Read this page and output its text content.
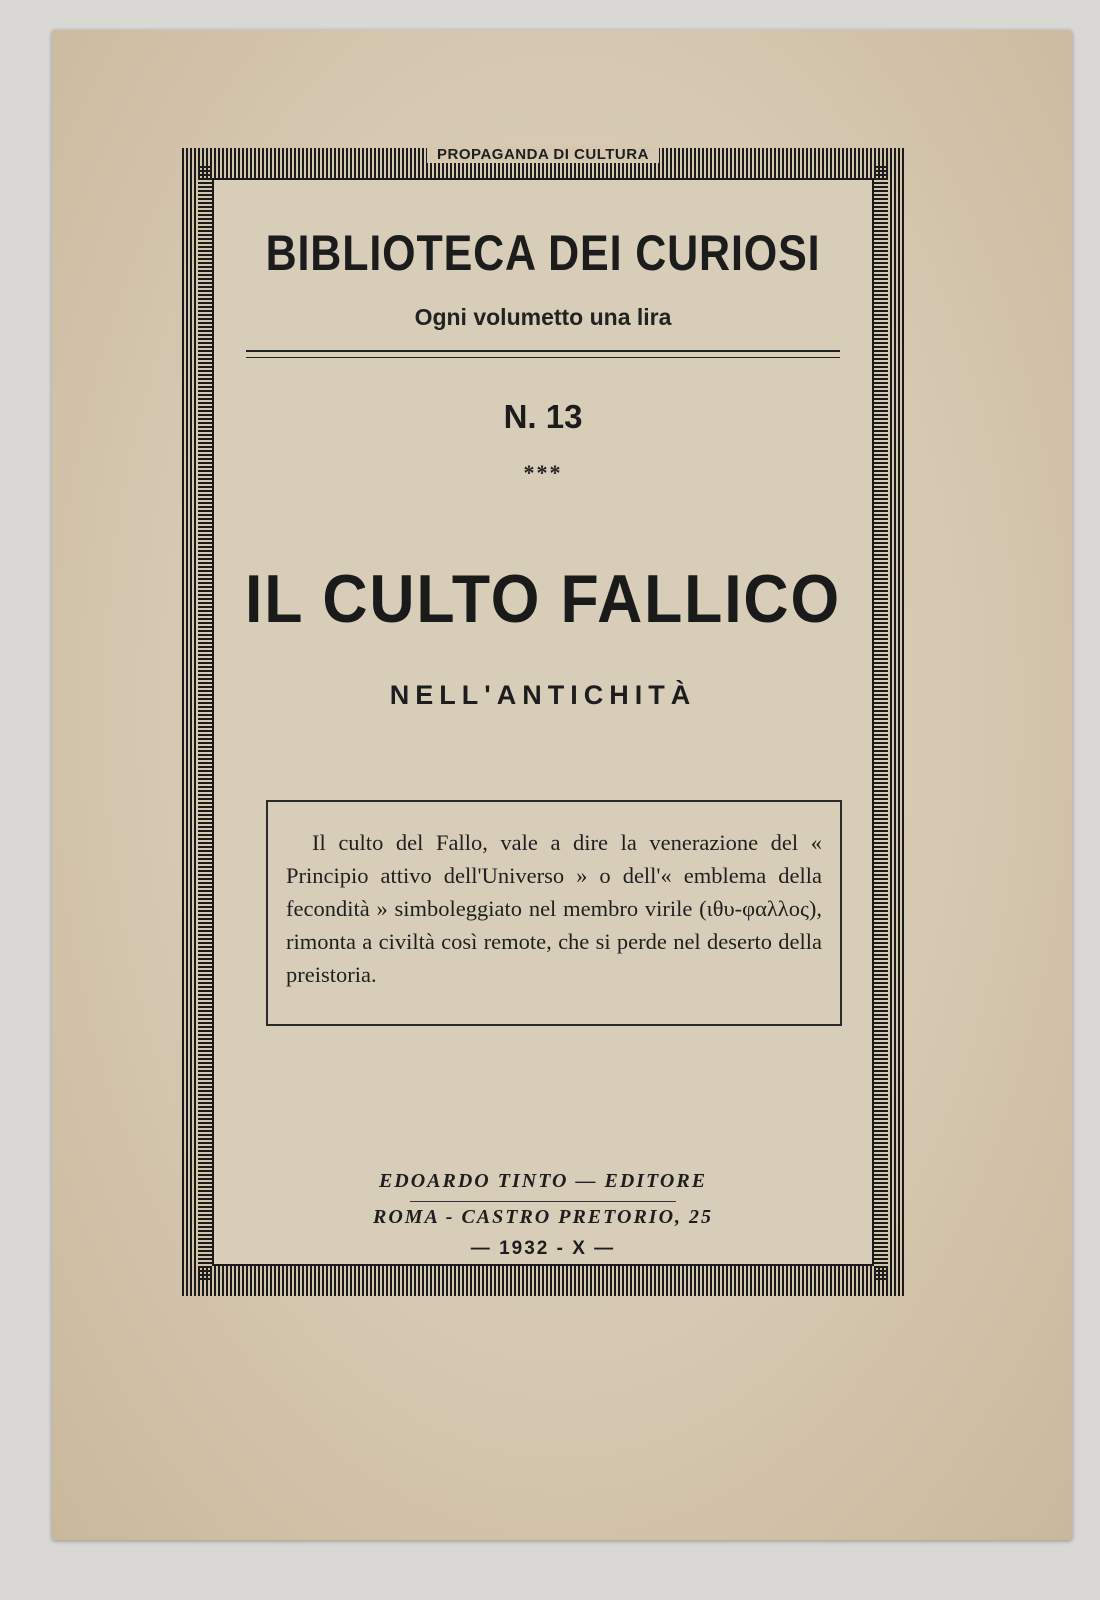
PROPAGANDA DI CULTURA
BIBLIOTECA DEI CURIOSI
Ogni volumetto una lira
N. 13
***
IL CULTO FALLICO
NELL'ANTICHITÀ

Il culto del Fallo, vale a dire la venerazione del « Principio attivo dell'Universo » o dell'« emblema della fecondità » simboleggiato nel membro virile (ιθυ-φαλλος), rimonta a civiltà così remote, che si perde nel deserto della preistoria.

EDOARDO TINTO — EDITORE
ROMA - CASTRO PRETORIO, 25
— 1932 - X —
